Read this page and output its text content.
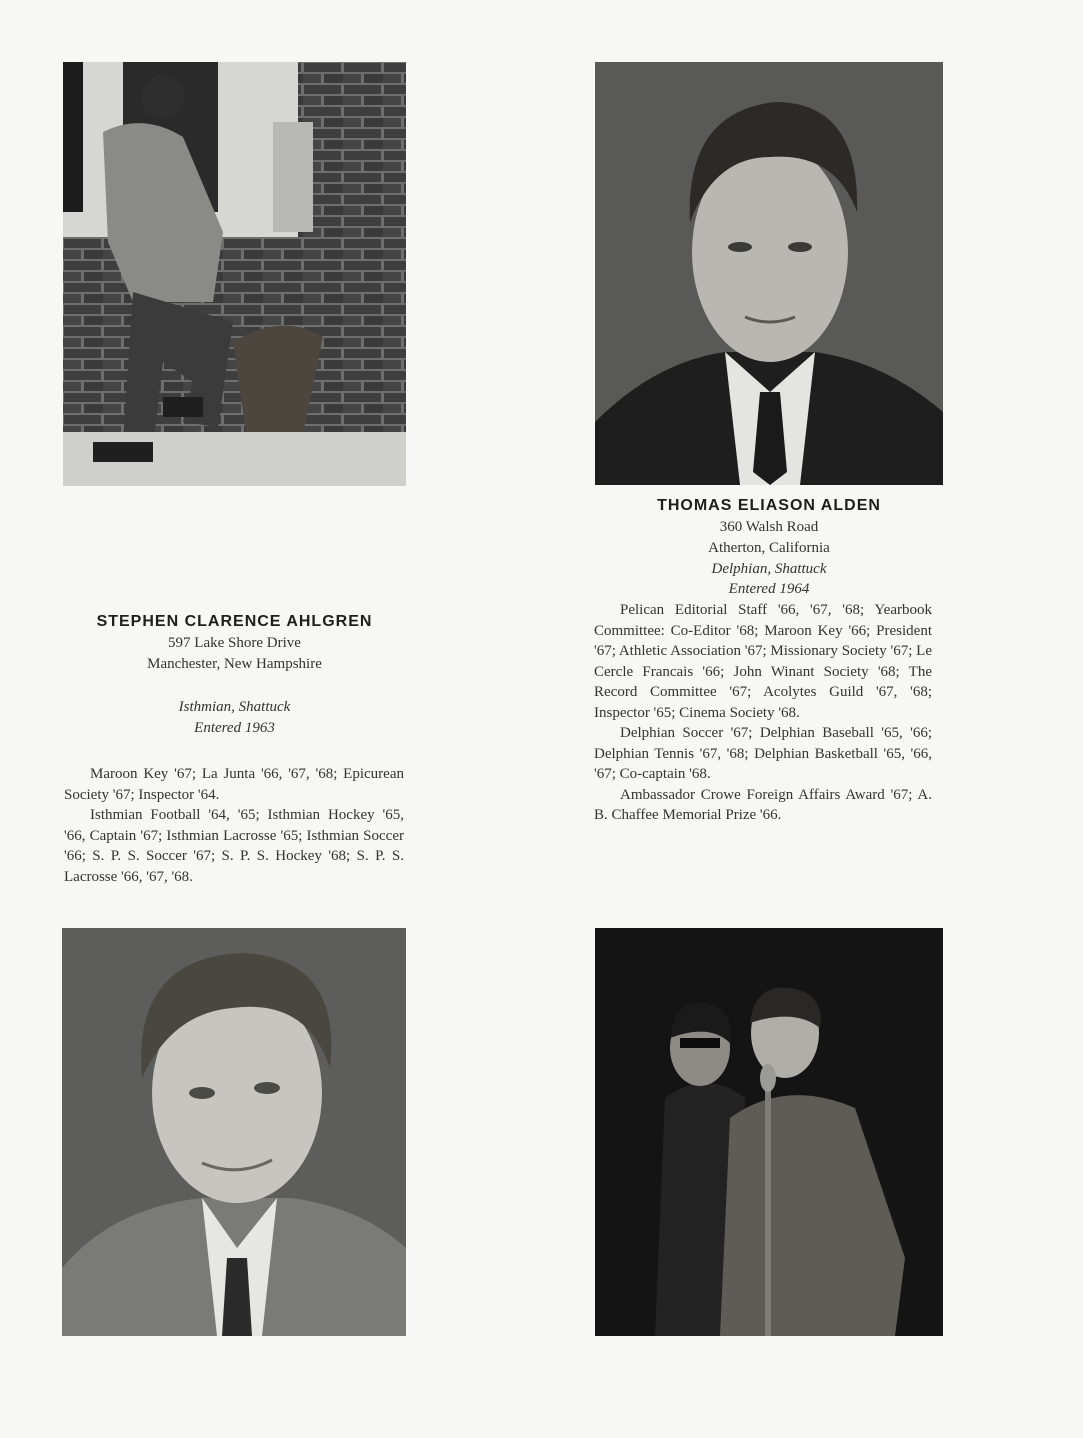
THOMAS ELIASON ALDEN
360 Walsh Road
Atherton, California
Delphian, Shattuck
Entered 1964

Pelican Editorial Staff '66, '67, '68; Yearbook Committee: Co-Editor '68; Maroon Key '66; President '67; Athletic Association '67; Missionary Society '67; Le Cercle Francais '66; John Winant Society '68; The Record Committee '67; Acolytes Guild '67, '68; Inspector '65; Cinema Society '68.

Delphian Soccer '67; Delphian Baseball '65, '66; Delphian Tennis '67, '68; Delphian Basketball '65, '66, '67; Co-captain '68.

Ambassador Crowe Foreign Affairs Award '67; A. B. Chaffee Memorial Prize '66.

STEPHEN CLARENCE AHLGREN
597 Lake Shore Drive
Manchester, New Hampshire
Isthmian, Shattuck
Entered 1963

Maroon Key '67; La Junta '66, '67, '68; Epicurean Society '67; Inspector '64.

Isthmian Football '64, '65; Isthmian Hockey '65, '66, Captain '67; Isthmian Lacrosse '65; Isthmian Soccer '66; S. P. S. Soccer '67; S. P. S. Hockey '68; S. P. S. Lacrosse '66, '67, '68.
